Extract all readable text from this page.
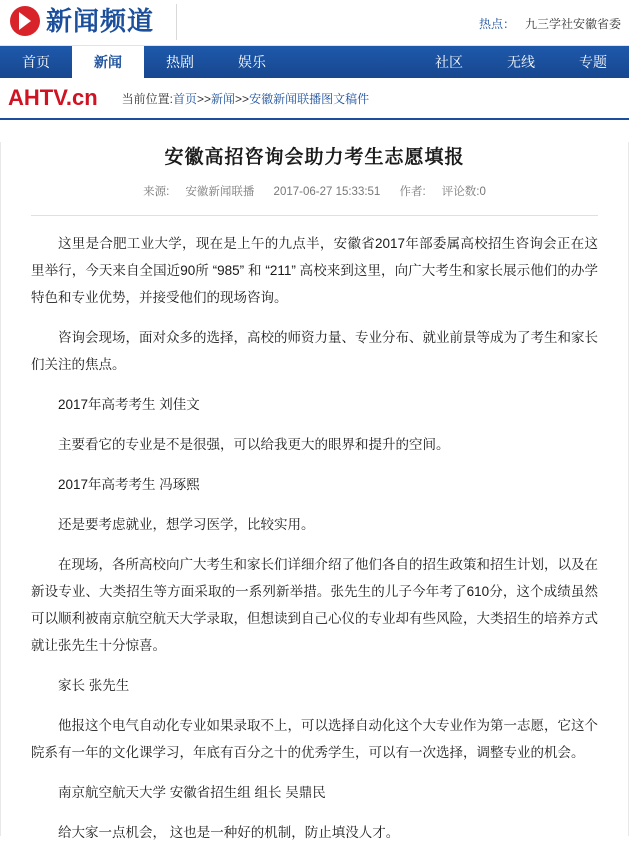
新闻频道	热点： 九三学社安徽省委
首页	新闻	热剧	娱乐	社区	无线	专题
AHTV.cn 当前位置:首页>>新闻>>安徽新闻联播图文稿件
安徽高招咨询会助力考生志愿填报
来源: 安徽新闻联播 2017-06-27 15:33:51 作者: 评论数:0

这里是合肥工业大学，现在是上午的九点半，安徽省2017年部委属高校招生咨询会正在这里举行，今天来自全国近90所 “985” 和 “211” 高校来到这里，向广大考生和家长展示他们的办学特色和专业优势，并接受他们的现场咨询。

咨询会现场，面对众多的选择，高校的师资力量、专业分布、就业前景等成为了考生和家长们关注的焦点。

2017年高考考生 刘佳文

主要看它的专业是不是很强，可以给我更大的眼界和提升的空间。

2017年高考考生 冯琢熙

还是要考虑就业，想学习医学，比较实用。

在现场，各所高校向广大考生和家长们详细介绍了他们各自的招生政策和招生计划，以及在新设专业、大类招生等方面采取的一系列新举措。张先生的儿子今年考了610分，这个成绩虽然可以顺利被南京航空航天大学录取，但想读到自己心仪的专业却有些风险，大类招生的培养方式就让张先生十分惊喜。

家长 张先生

他报这个电气自动化专业如果录取不上，可以选择自动化这个大专业作为第一志愿，它这个院系有一年的文化课学习，年底有百分之十的优秀学生，可以有一次选择，调整专业的机会。

南京航空航天大学 安徽省招生组 组长 吴鼎民

给大家一点机会， 这也是一种好的机制，防止填没人才。
